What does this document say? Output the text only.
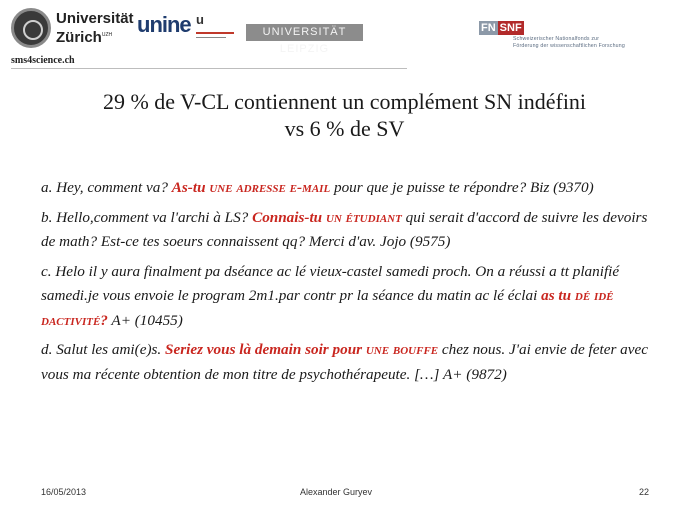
Universität
Zürich$^{UZH}$	unine u
UNIVERSITÄT LEIPZIG
FN SNF
Schweizerischer Nationalfonds zur
Förderung der wissenschaftlichen Forschung
sms4science.ch
29 % de V-CL contiennent un complément SN indéfini
vs 6 % de SV
a. Hey, comment va? As-tu une adresse e-mail pour que je puisse te répondre? Biz (9370)
b. Hello,comment va l'archi à LS? Connais-tu un étudiant qui serait d'accord de suivre les devoirs de math? Est-ce tes soeurs connaissent qq? Merci d'av. Jojo (9575)
c. Helo il y aura finalment pa dséance ac lé vieux-castel samedi proch. On a réussi a tt planifié samedi.je vous envoie le program 2m1.par contr pr la séance du matin ac lé éclai as tu dé idé dactivité? A+ (10455)
d. Salut les ami(e)s. Seriez vous là demain soir pour une bouffe chez nous. J'ai envie de feter avec vous ma récente obtention de mon titre de psychothérapeute. […] A+ (9872)
16/05/2013	Alexander Guryev	22
